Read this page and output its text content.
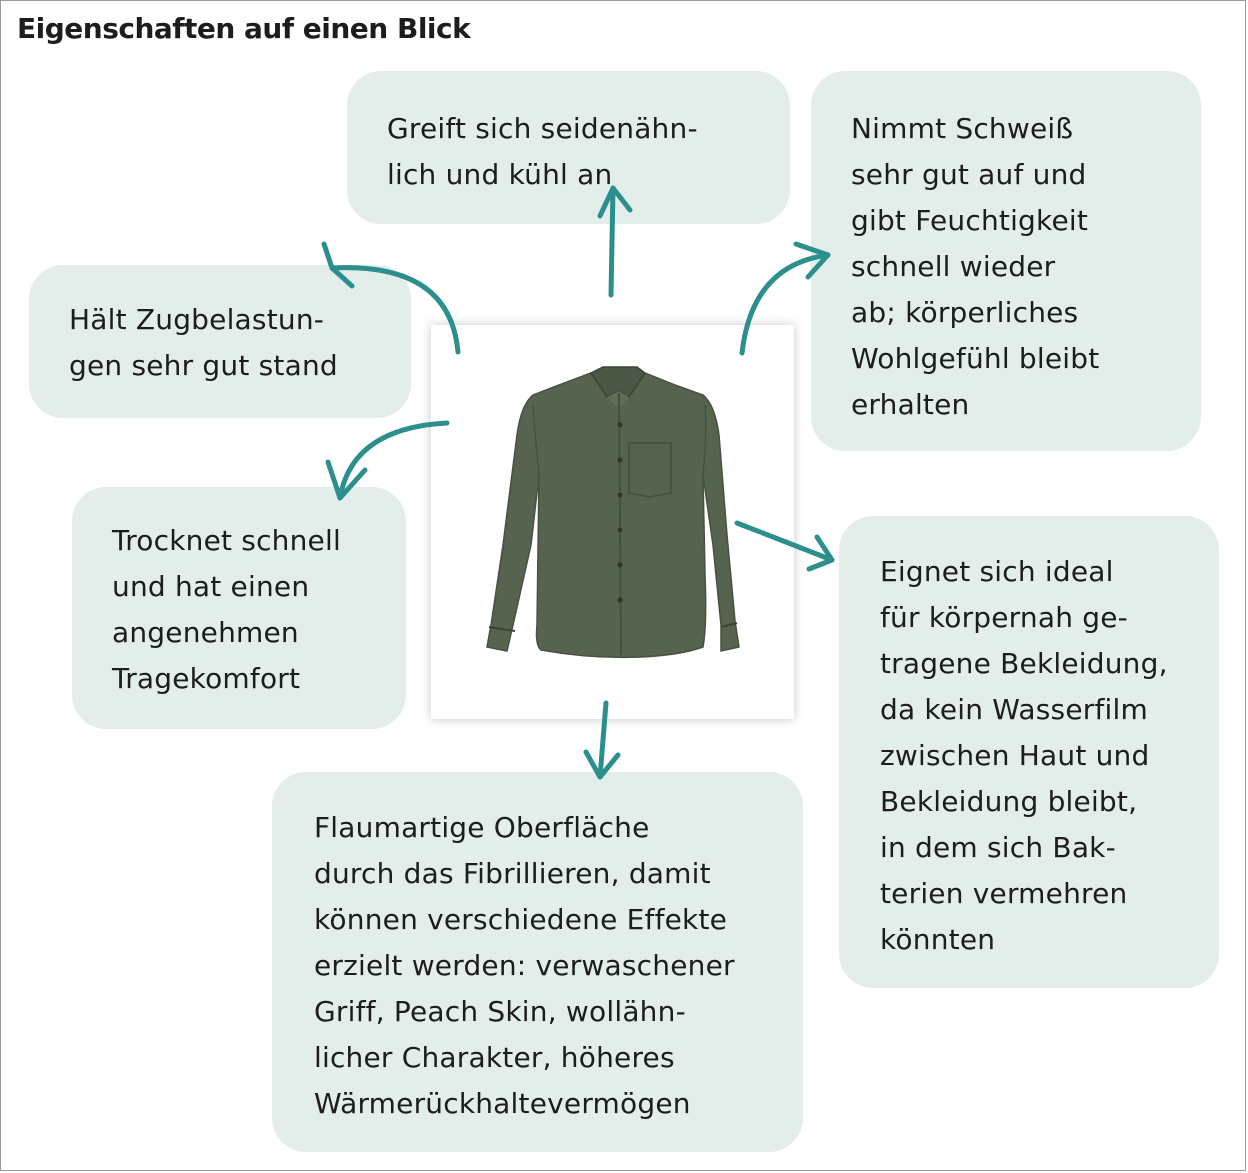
Eigenschaften auf einen Blick
Greift sich seidenähn-
lich und kühl an
Nimmt Schweiß
sehr gut auf und
gibt Feuchtigkeit
schnell wieder
ab; körperliches
Wohlgefühl bleibt
erhalten
Hält Zugbelastun-
gen sehr gut stand
Trocknet schnell
und hat einen
angenehmen
Tragekomfort
Eignet sich ideal
für körpernah ge-
tragene Bekleidung,
da kein Wasserfilm
zwischen Haut und
Bekleidung bleibt,
in dem sich Bak-
terien vermehren
könnten
Flaumartige Oberfläche
durch das Fibrillieren, damit
können verschiedene Effekte
erzielt werden: verwaschener
Griff, Peach Skin, wollähn-
licher Charakter, höheres
Wärmerückhaltevermögen
